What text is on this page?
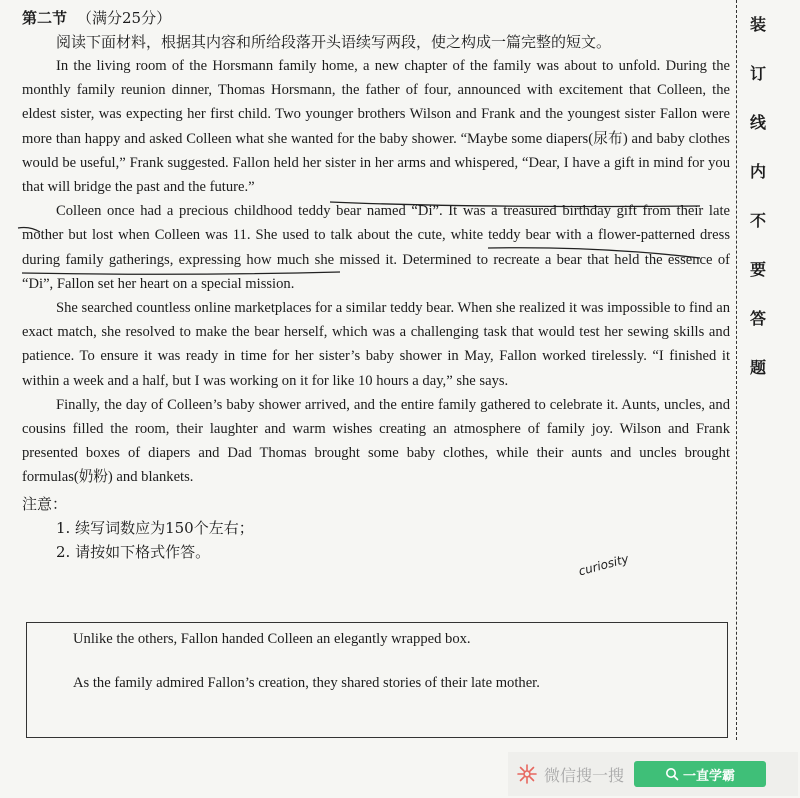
第二节 （满分25分）
阅读下面材料，根据其内容和所给段落开头语续写两段，使之构成一篇完整的短文。

In the living room of the Horsmann family home, a new chapter of the family was about to unfold. During the monthly family reunion dinner, Thomas Horsmann, the father of four, announced with excitement that Colleen, the eldest sister, was expecting her first child. Two younger brothers Wilson and Frank and the youngest sister Fallon were more than happy and asked Colleen what she wanted for the baby shower. “Maybe some diapers(尿布) and baby clothes would be useful,” Frank suggested. Fallon held her sister in her arms and whispered, “Dear, I have a gift in mind for you that will bridge the past and the future.”

Colleen once had a precious childhood teddy bear named “Di”. It was a treasured birthday gift from their late mother but lost when Colleen was 11. She used to talk about the cute, white teddy bear with a flower-patterned dress during family gatherings, expressing how much she missed it. Determined to recreate a bear that held the essence of “Di”, Fallon set her heart on a special mission.

She searched countless online marketplaces for a similar teddy bear. When she realized it was impossible to find an exact match, she resolved to make the bear herself, which was a challenging task that would test her sewing skills and patience. To ensure it was ready in time for her sister’s baby shower in May, Fallon worked tirelessly. “I finished it within a week and a half, but I was working on it for like 10 hours a day,” she says.

Finally, the day of Colleen’s baby shower arrived, and the entire family gathered to celebrate it. Aunts, uncles, and cousins filled the room, their laughter and warm wishes creating an atmosphere of family joy. Wilson and Frank presented boxes of diapers and Dad Thomas brought some baby clothes, while their aunts and uncles brought formulas(奶粉) and blankets.

注意：
1. 续写词数应为150个左右；
2. 请按如下格式作答。
Unlike the others, Fallon handed Colleen an elegantly wrapped box.
As the family admired Fallon’s creation, they shared stories of their late mother.
装
订
线
内
不
要
答
题
curiosity
微信搜一搜	一直学霸
